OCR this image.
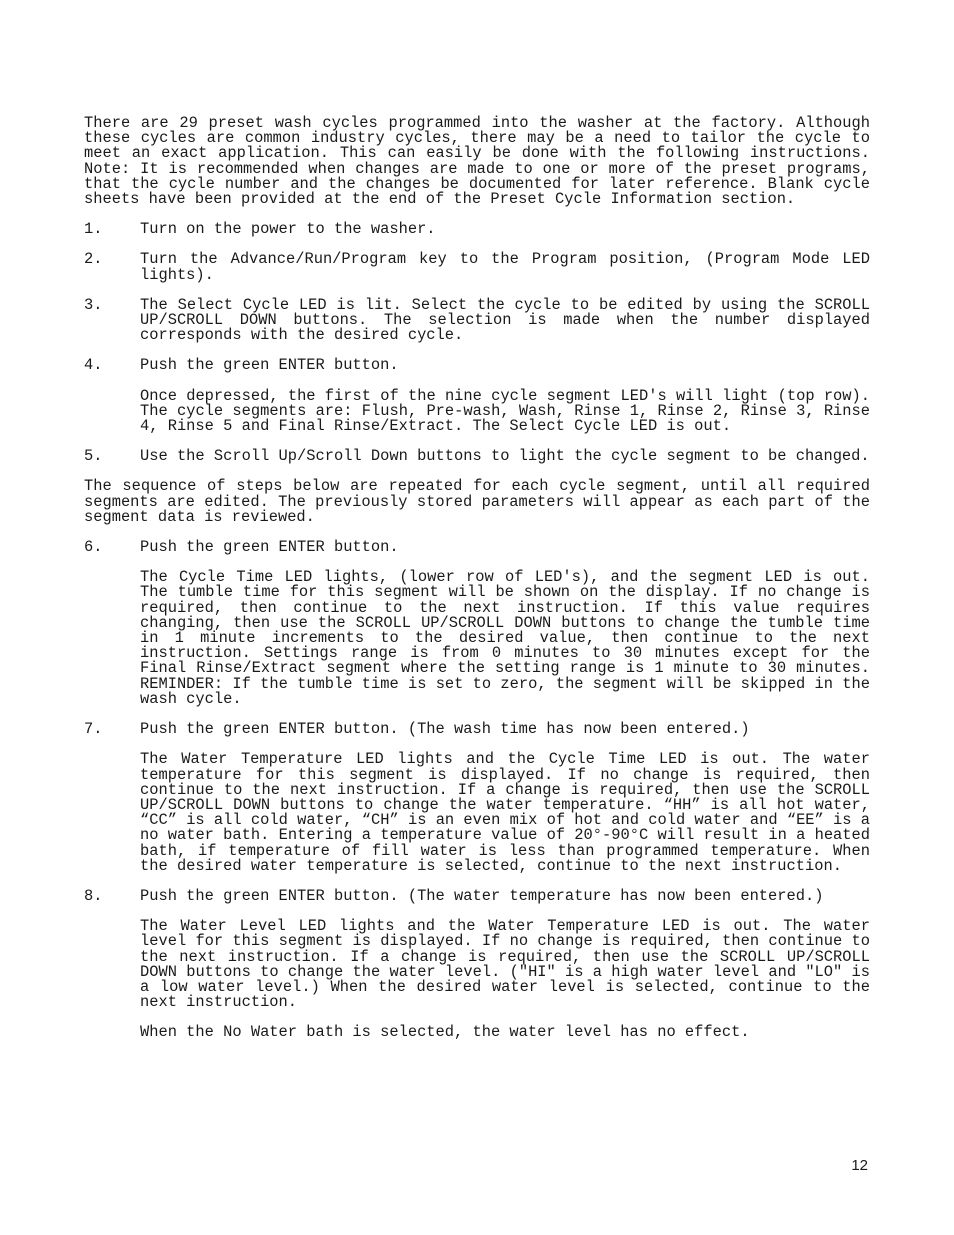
There are 29 preset wash cycles programmed into the washer at the factory. Although these cycles are common industry cycles, there may be a need to tailor the cycle to meet an exact application. This can easily be done with the following instructions. Note: It is recommended when changes are made to one or more of the preset programs, that the cycle number and the changes be documented for later reference. Blank cycle sheets have been provided at the end of the Preset Cycle Information section.

1.	Turn on the power to the washer.
2.	Turn the Advance/Run/Program key to the Program position, (Program Mode LED lights).
3.	The Select Cycle LED is lit. Select the cycle to be edited by using the SCROLL UP/SCROLL DOWN buttons. The selection is made when the number displayed corresponds with the desired cycle.
4.	Push the green ENTER button.

Once depressed, the first of the nine cycle segment LED's will light (top row). The cycle segments are: Flush, Pre-wash, Wash, Rinse 1, Rinse 2, Rinse 3, Rinse 4, Rinse 5 and Final Rinse/Extract. The Select Cycle LED is out.

5.	Use the Scroll Up/Scroll Down buttons to light the cycle segment to be changed.

The sequence of steps below are repeated for each cycle segment, until all required segments are edited. The previously stored parameters will appear as each part of the segment data is reviewed.

6.	Push the green ENTER button.

The Cycle Time LED lights, (lower row of LED's), and the segment LED is out. The tumble time for this segment will be shown on the display. If no change is required, then continue to the next instruction. If this value requires changing, then use the SCROLL UP/SCROLL DOWN buttons to change the tumble time in 1 minute increments to the desired value, then continue to the next instruction. Settings range is from 0 minutes to 30 minutes except for the Final Rinse/Extract segment where the setting range is 1 minute to 30 minutes. REMINDER: If the tumble time is set to zero, the segment will be skipped in the wash cycle.

7.	Push the green ENTER button. (The wash time has now been entered.)

The Water Temperature LED lights and the Cycle Time LED is out. The water temperature for this segment is displayed. If no change is required, then continue to the next instruction. If a change is required, then use the SCROLL UP/SCROLL DOWN buttons to change the water temperature. “HH” is all hot water, “CC” is all cold water, “CH” is an even mix of hot and cold water and “EE” is a no water bath. Entering a temperature value of 20°-90°C will result in a heated bath, if temperature of fill water is less than programmed temperature. When the desired water temperature is selected, continue to the next instruction.

8.	Push the green ENTER button. (The water temperature has now been entered.)

The Water Level LED lights and the Water Temperature LED is out. The water level for this segment is displayed. If no change is required, then continue to the next instruction. If a change is required, then use the SCROLL UP/SCROLL DOWN buttons to change the water level. ("HI" is a high water level and "LO" is a low water level.) When the desired water level is selected, continue to the next instruction.

When the No Water bath is selected, the water level has no effect.

12
